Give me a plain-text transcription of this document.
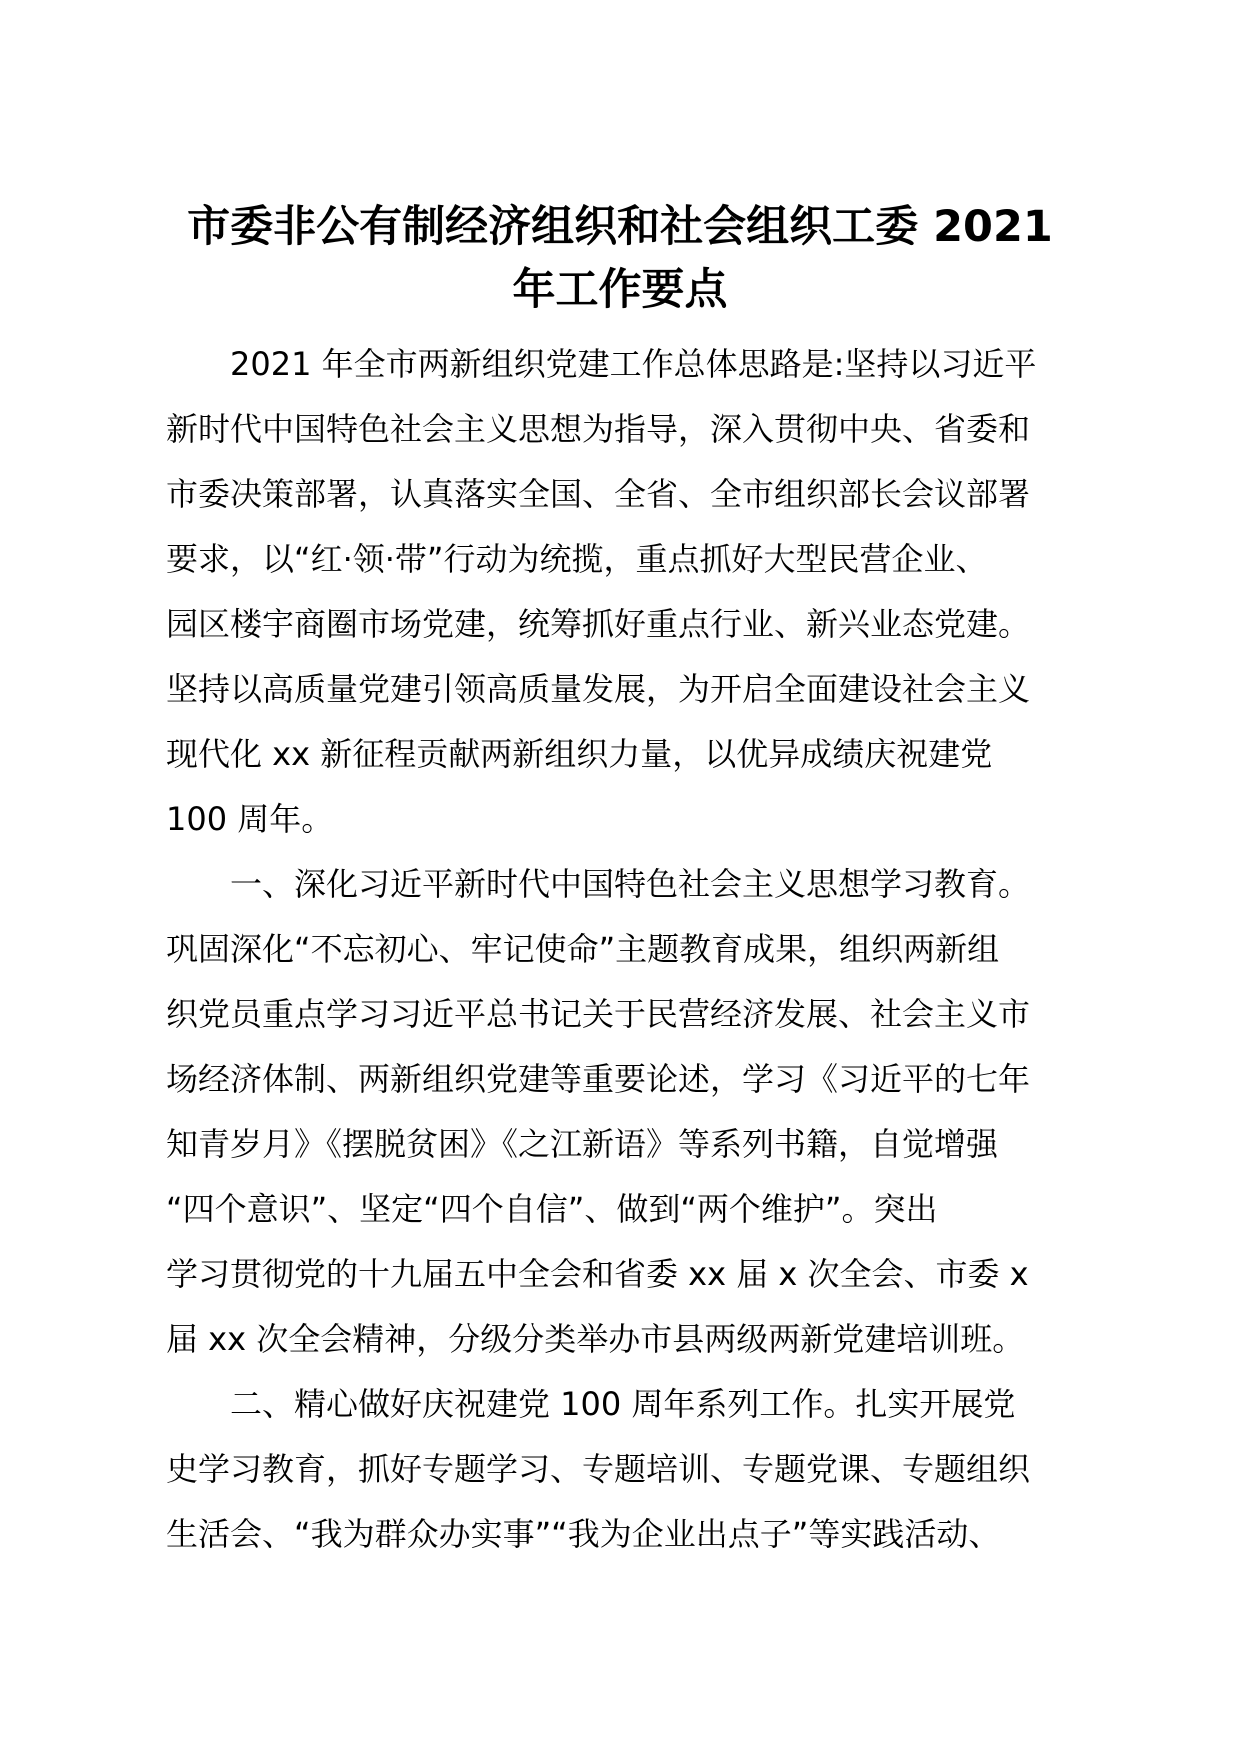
市委非公有制经济组织和社会组织工委 2021
年工作要点
2021 年全市两新组织党建工作总体思路是:坚持以习近平
新时代中国特色社会主义思想为指导，深入贯彻中央、省委和
市委决策部署，认真落实全国、全省、全市组织部长会议部署
要求，以“红·领·带”行动为统揽，重点抓好大型民营企业、
园区楼宇商圈市场党建，统筹抓好重点行业、新兴业态党建。
坚持以高质量党建引领高质量发展，为开启全面建设社会主义
现代化 xx 新征程贡献两新组织力量，以优异成绩庆祝建党
100 周年。
一、深化习近平新时代中国特色社会主义思想学习教育。
巩固深化“不忘初心、牢记使命”主题教育成果，组织两新组
织党员重点学习习近平总书记关于民营经济发展、社会主义市
场经济体制、两新组织党建等重要论述，学习《习近平的七年
知青岁月》《摆脱贫困》《之江新语》等系列书籍，自觉增强
“四个意识”、坚定“四个自信”、做到“两个维护”。突出
学习贯彻党的十九届五中全会和省委 xx 届 x 次全会、市委 x
届 xx 次全会精神，分级分类举办市县两级两新党建培训班。
二、精心做好庆祝建党 100 周年系列工作。扎实开展党
史学习教育，抓好专题学习、专题培训、专题党课、专题组织
生活会、“我为群众办实事”“我为企业出点子”等实践活动、
